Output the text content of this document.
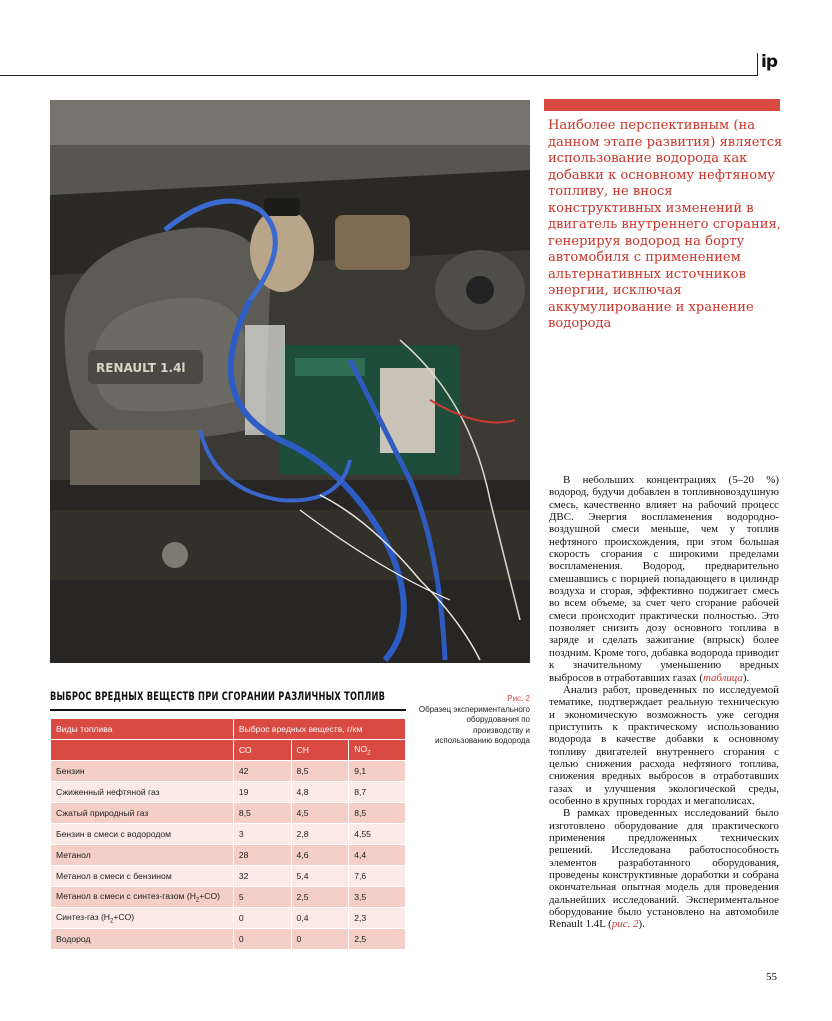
ip
RENAULT 1.4l

Наиболее перспективным (на данном этапе развития) является использование водорода как добавки к основному нефтяному топливу, не внося конструктивных изменений в двигатель внутреннего сгорания, генерируя водород на борту автомобиля с применением альтернативных источников энергии, исключая аккумулирование и хранение водорода

В небольших концентрациях (5–20 %) водород, будучи добавлен в топливновоздушную смесь, качественно влияет на рабочий процесс ДВС. Энергия воспламенения водородно-воздушной смеси меньше, чем у топлив нефтяного происхождения, при этом большая скорость сгорания с широкими пределами воспламенения. Водород, предварительно смешавшись с порцией попадающего в цилиндр воздуха и сгорая, эффективно поджигает смесь во всем объеме, за счет чего сгорание рабочей смеси происходит практически полностью. Это позволяет снизить дозу основного топлива в заряде и сделать зажигание (впрыск) более поздним. Кроме того, добавка водорода приводит к значительному уменьшению вредных выбросов в отработавших газах (таблица).

Анализ работ, проведенных по исследуемой тематике, подтверждает реальную техническую и экономическую возможность уже сегодня приступить к практическому использованию водорода в качестве добавки к основному топливу двигателей внутреннего сгорания с целью снижения расхода нефтяного топлива, снижения вредных выбросов в отработавших газах и улучшения экологической среды, особенно в крупных городах и мегаполисах.

В рамках проведенных исследований было изготовлено оборудование для практического применения предложенных технических решений. Исследована работоспособность элементов разработанного оборудования, проведены конструктивные доработки и собрана окончательная опытная модель для проведения дальнейших исследований. Экспериментальное оборудование было установлено на автомобиле Renault 1.4L (рис. 2).

Рис. 2
Образец экспериментального оборудования по производству и использованию водорода
ВЫБРОС ВРЕДНЫХ ВЕЩЕСТВ ПРИ СГОРАНИИ РАЗЛИЧНЫХ ТОПЛИВ
Виды топлива	Выброс вредных веществ, г/км		
	СО	СН	$NO_2$
Бензин	42	8,5	9,1
Сжиженный нефтяной газ	19	4,8	8,7
Сжатый природный газ	8,5	4,5	8,5
Бензин в смеси с водородом	3	2,8	4,55
Метанол	28	4,6	4,4
Метанол в смеси с бензином	32	5,4	7,6
Метанол в смеси с синтез-газом $(H_2+CO)$	5	2,5	3,5
Синтез-газ $(H_2+CO)$	0	0,4	2,3
Водород	0	0	2,5
55
